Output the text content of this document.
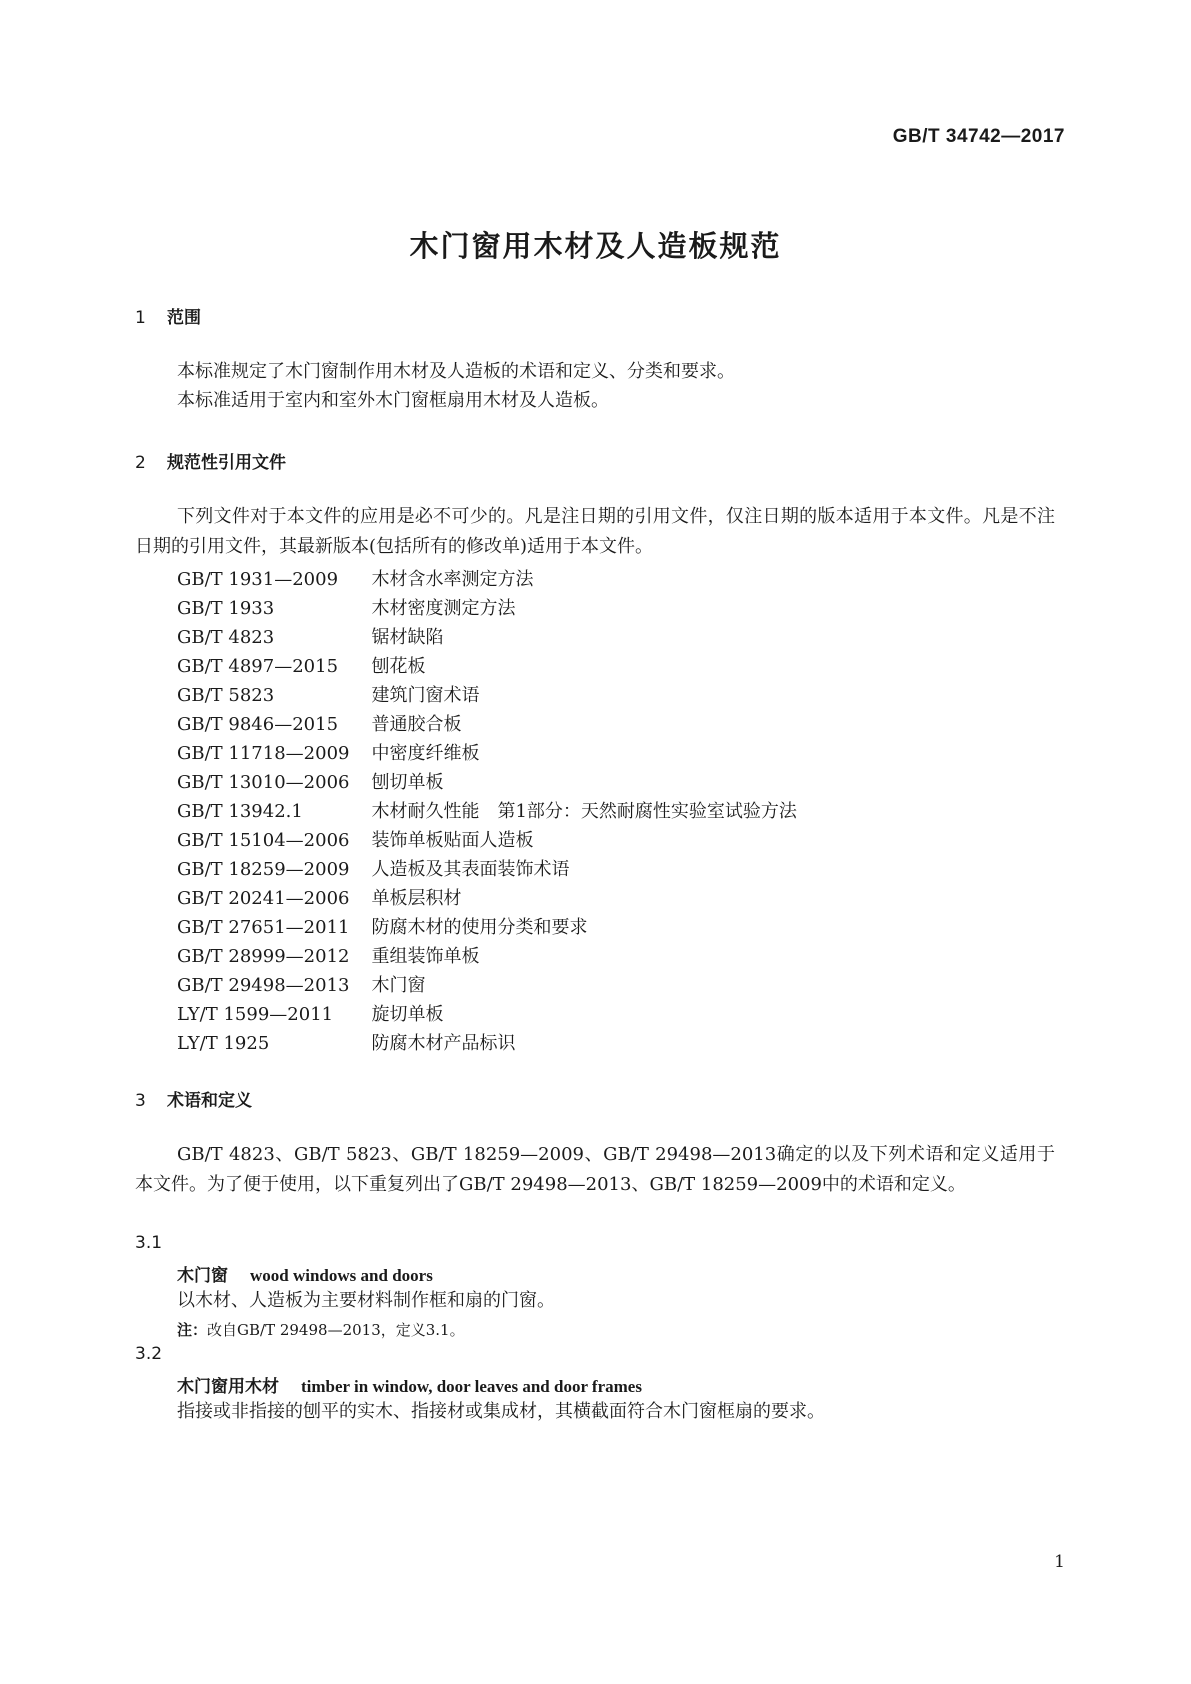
GB/T 34742—2017
木门窗用木材及人造板规范
1 范围
本标准规定了木门窗制作用木材及人造板的术语和定义、分类和要求。
本标准适用于室内和室外木门窗框扇用木材及人造板。
2 规范性引用文件
下列文件对于本文件的应用是必不可少的。凡是注日期的引用文件，仅注日期的版本适用于本文件。凡是不注日期的引用文件，其最新版本(包括所有的修改单)适用于本文件。
GB/T 1931—2009 木材含水率测定方法
GB/T 1933	木材密度测定方法
GB/T 4823	锯材缺陷
GB/T 4897—2015 刨花板
GB/T 5823	建筑门窗术语
GB/T 9846—2015 普通胶合板
GB/T 11718—2009 中密度纤维板
GB/T 13010—2006 刨切单板
GB/T 13942.1	木材耐久性能　第1部分：天然耐腐性实验室试验方法
GB/T 15104—2006 装饰单板贴面人造板
GB/T 18259—2009 人造板及其表面装饰术语
GB/T 20241—2006 单板层积材
GB/T 27651—2011 防腐木材的使用分类和要求
GB/T 28999—2012 重组装饰单板
GB/T 29498—2013 木门窗
LY/T 1599—2011 旋切单板
LY/T 1925	防腐木材产品标识
3 术语和定义
GB/T 4823、GB/T 5823、GB/T 18259—2009、GB/T 29498—2013确定的以及下列术语和定义适用于本文件。为了便于使用，以下重复列出了GB/T 29498—2013、GB/T 18259—2009中的术语和定义。
3.1
木门窗 wood windows and doors
以木材、人造板为主要材料制作框和扇的门窗。
注：改自GB/T 29498—2013，定义3.1。
3.2
木门窗用木材 timber in window, door leaves and door frames
指接或非指接的刨平的实木、指接材或集成材，其横截面符合木门窗框扇的要求。
1
